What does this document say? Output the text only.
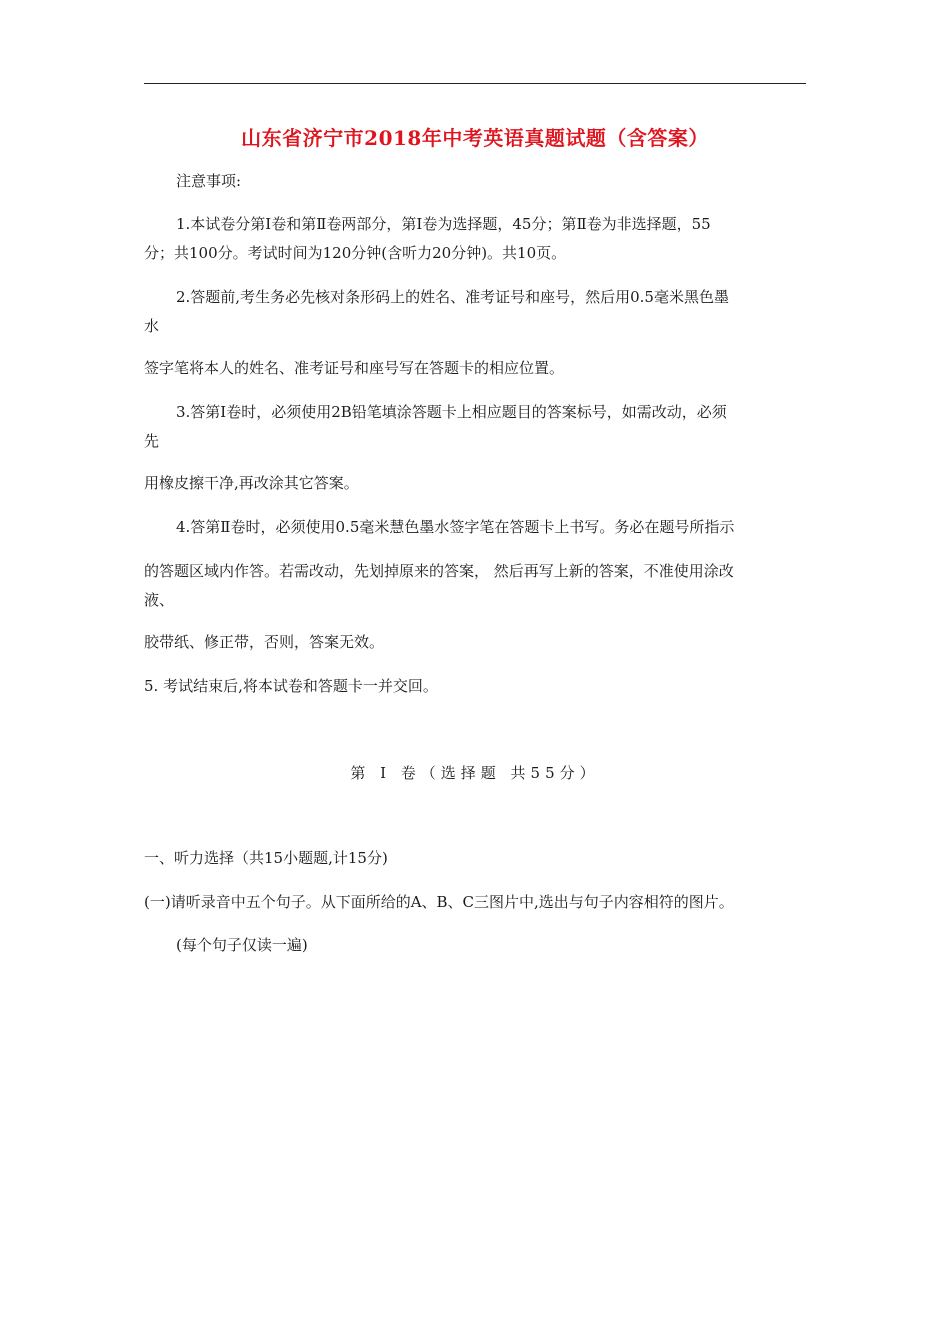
山东省济宁市2018年中考英语真题试题（含答案）
注意事项:
1.本试卷分第Ⅰ卷和第Ⅱ卷两部分，第Ⅰ卷为选择题，45分；第Ⅱ卷为非选择题，55
分；共100分。考试时间为120分钟(含听力20分钟)。共10页。
2.答题前,考生务必先核对条形码上的姓名、准考证号和座号，然后用0.5毫米黑色墨
水
签字笔将本人的姓名、准考证号和座号写在答题卡的相应位置。
3.答第Ⅰ卷时，必须使用2B铅笔填涂答题卡上相应题目的答案标号，如需改动，必须
先
用橡皮擦干净,再改涂其它答案。
4.答第Ⅱ卷时，必须使用0.5毫米慧色墨水签字笔在答题卡上书写。务必在题号所指示
的答题区域内作答。若需改动，先划掉原来的答案， 然后再写上新的答案，不准使用涂改
液、
胶带纸、修正带，否则，答案无效。
5. 考试结束后,将本试卷和答题卡一并交回。
第 Ⅰ 卷（选择题 共55分）
一、听力选择（共15小题题,计15分)
(一)请听录音中五个句子。从下面所给的A、B、C三图片中,选出与句子内容相符的图片。
(每个句子仅读一遍)
